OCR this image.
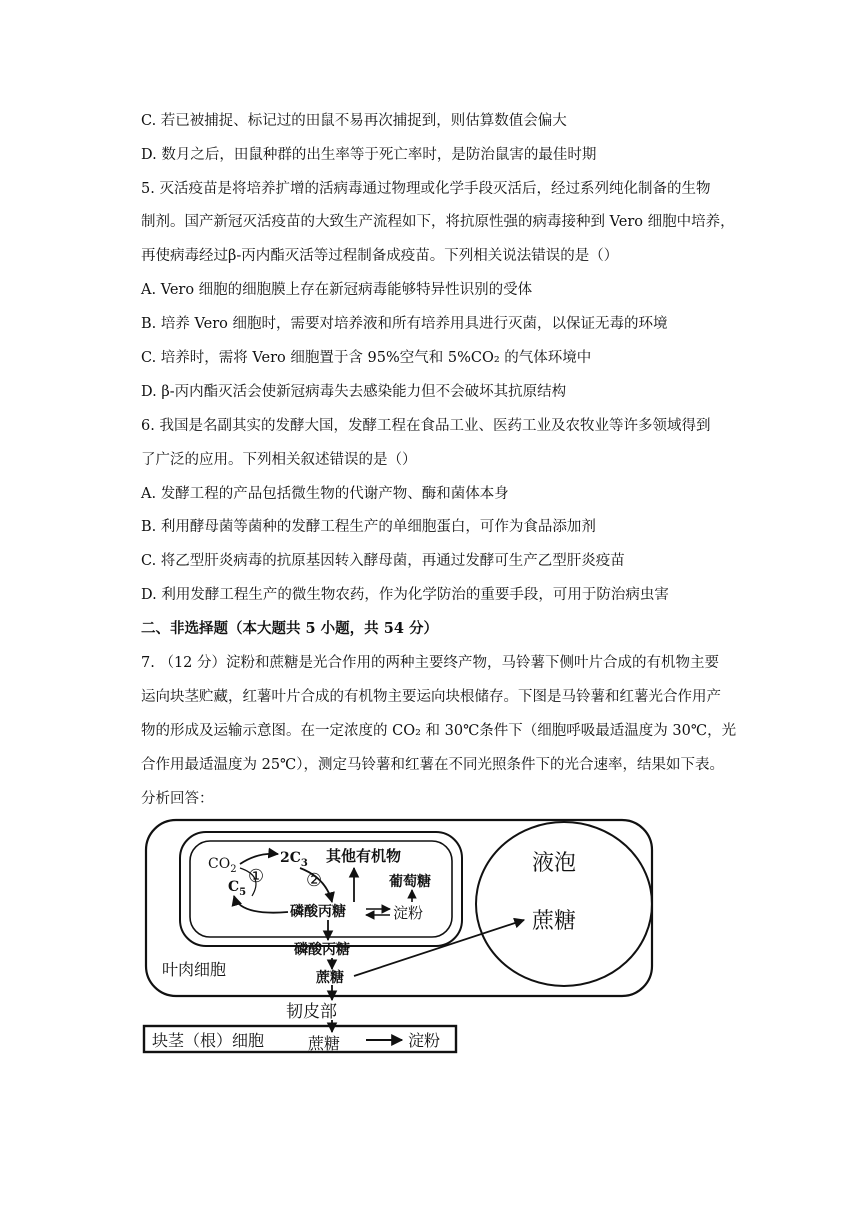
C. 若已被捕捉、标记过的田鼠不易再次捕捉到，则估算数值会偏大
D. 数月之后，田鼠种群的出生率等于死亡率时，是防治鼠害的最佳时期
5. 灭活疫苗是将培养扩增的活病毒通过物理或化学手段灭活后，经过系列纯化制备的生物
制剂。国产新冠灭活疫苗的大致生产流程如下，将抗原性强的病毒接种到 Vero 细胞中培养，
再使病毒经过β-丙内酯灭活等过程制备成疫苗。下列相关说法错误的是（）
A. Vero 细胞的细胞膜上存在新冠病毒能够特异性识别的受体
B. 培养 Vero 细胞时，需要对培养液和所有培养用具进行灭菌，以保证无毒的环境
C. 培养时，需将 Vero 细胞置于含 95%空气和 5%CO₂ 的气体环境中
D. β-丙内酯灭活会使新冠病毒失去感染能力但不会破坏其抗原结构
6. 我国是名副其实的发酵大国，发酵工程在食品工业、医药工业及农牧业等许多领域得到
了广泛的应用。下列相关叙述错误的是（）
A. 发酵工程的产品包括微生物的代谢产物、酶和菌体本身
B. 利用酵母菌等菌种的发酵工程生产的单细胞蛋白，可作为食品添加剂
C. 将乙型肝炎病毒的抗原基因转入酵母菌，再通过发酵可生产乙型肝炎疫苗
D. 利用发酵工程生产的微生物农药，作为化学防治的重要手段，可用于防治病虫害
二、非选择题（本大题共 5 小题，共 54 分）
7. （12 分）淀粉和蔗糖是光合作用的两种主要终产物，马铃薯下侧叶片合成的有机物主要
运向块茎贮藏，红薯叶片合成的有机物主要运向块根储存。下图是马铃薯和红薯光合作用产
物的形成及运输示意图。在一定浓度的 CO₂ 和 30℃条件下（细胞呼吸最适温度为 30℃，光
合作用最适温度为 25℃），测定马铃薯和红薯在不同光照条件下的光合速率，结果如下表。
分析回答：
$CO_2$
$C_5$
$2C_3$
① ②
其他有机物
葡萄糖
磷酸丙糖	淀粉
液泡
蔗糖
磷酸丙糖
蔗糖
叶肉细胞
韧皮部
块茎（根）细胞	蔗糖	淀粉
